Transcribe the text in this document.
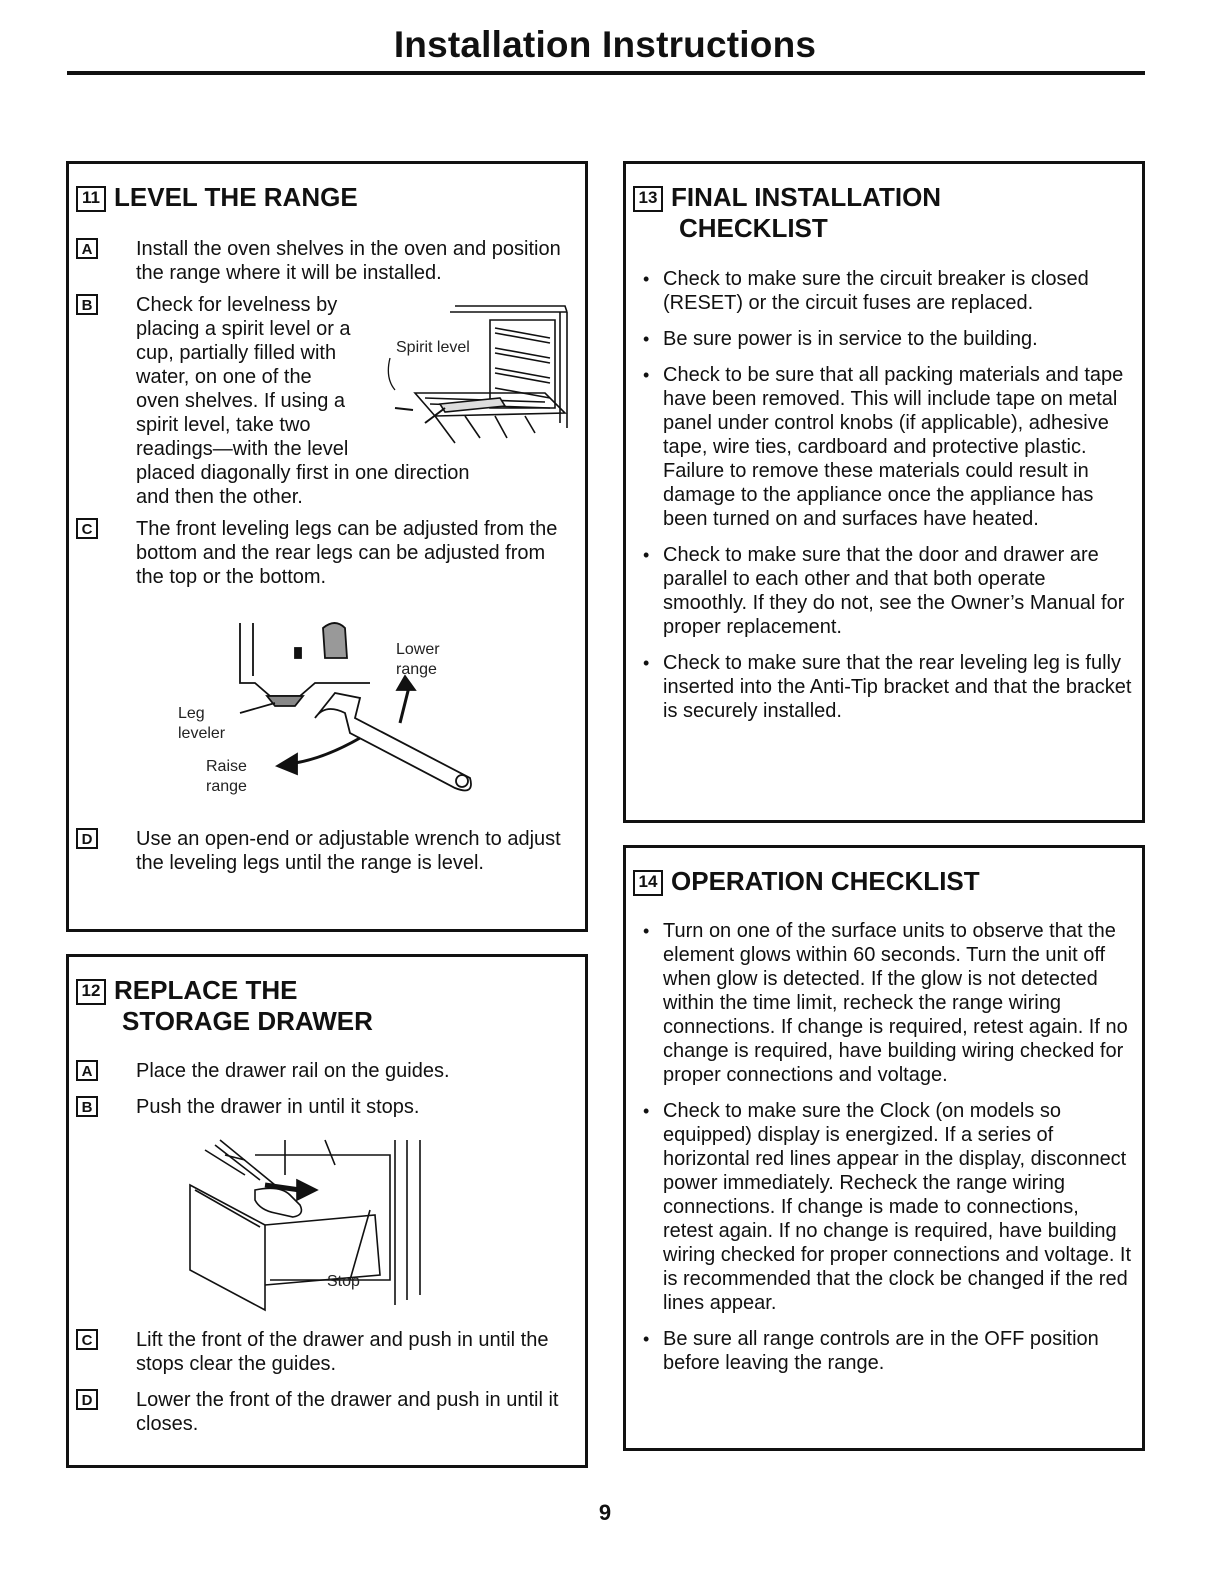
Installation Instructions
11 LEVEL THE RANGE
A Install the oven shelves in the oven and position the range where it will be installed.
B Check for levelness by
placing a spirit level or a
cup, partially filled with
water, on one of the
oven shelves. If using a
spirit level, take two
readings—with the level
placed diagonally first in one direction
and then the other.
Spirit level
C The front leveling legs can be adjusted from the bottom and the rear legs can be adjusted from the top or the bottom.
Lower range
Leg leveler
Raise range
D Use an open-end or adjustable wrench to adjust the leveling legs until the range is level.
12 REPLACE THE
STORAGE DRAWER
A Place the drawer rail on the guides.
B Push the drawer in until it stops.
Stop
C Lift the front of the drawer and push in until the stops clear the guides.
D Lower the front of the drawer and push in until it closes.
13 FINAL INSTALLATION
CHECKLIST
• Check to make sure the circuit breaker is closed (RESET) or the circuit fuses are replaced.
• Be sure power is in service to the building.
• Check to be sure that all packing materials and tape have been removed. This will include tape on metal panel under control knobs (if applicable), adhesive tape, wire ties, cardboard and protective plastic. Failure to remove these materials could result in damage to the appliance once the appliance has been turned on and surfaces have heated.
• Check to make sure that the door and drawer are parallel to each other and that both operate smoothly. If they do not, see the Owner’s Manual for proper replacement.
• Check to make sure that the rear leveling leg is fully inserted into the Anti-Tip bracket and that the bracket is securely installed.
14 OPERATION CHECKLIST
• Turn on one of the surface units to observe that the element glows within 60 seconds. Turn the unit off when glow is detected. If the glow is not detected within the time limit, recheck the range wiring connections. If change is required, retest again. If no change is required, have building wiring checked for proper connections and voltage.
• Check to make sure the Clock (on models so equipped) display is energized. If a series of horizontal red lines appear in the display, disconnect power immediately. Recheck the range wiring connections. If change is made to connections, retest again. If no change is required, have building wiring checked for proper connections and voltage. It is recommended that the clock be changed if the red lines appear.
• Be sure all range controls are in the OFF position before leaving the range.
9
